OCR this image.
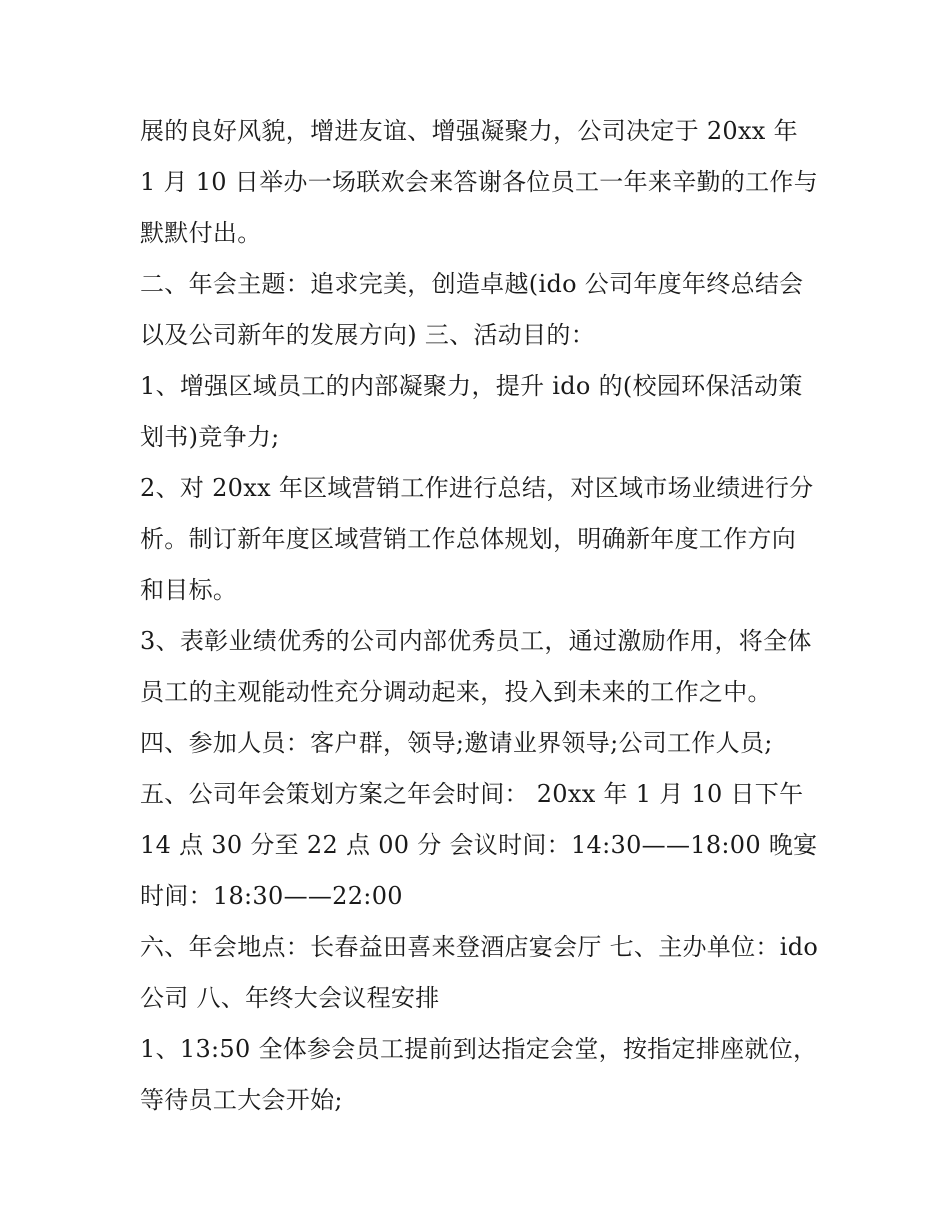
展的良好风貌，增进友谊、增强凝聚力，公司决定于 20xx 年 1 月 10 日举办一场联欢会来答谢各位员工一年来辛勤的工作与默默付出。

二、年会主题：追求完美，创造卓越(ido 公司年度年终总结会以及公司新年的发展方向) 三、活动目的：

1、增强区域员工的内部凝聚力，提升 ido 的(校园环保活动策划书)竞争力;

2、对 20xx 年区域营销工作进行总结，对区域市场业绩进行分析。制订新年度区域营销工作总体规划，明确新年度工作方向和目标。

3、表彰业绩优秀的公司内部优秀员工，通过激励作用，将全体员工的主观能动性充分调动起来，投入到未来的工作之中。

四、参加人员：客户群，领导;邀请业界领导;公司工作人员;

五、公司年会策划方案之年会时间： 20xx 年 1 月 10 日下午 14 点 30 分至 22 点 00 分 会议时间：14:30——18:00 晚宴时间：18:30——22:00

六、年会地点：长春益田喜来登酒店宴会厅 七、主办单位：ido 公司 八、年终大会议程安排

1、13:50 全体参会员工提前到达指定会堂，按指定排座就位，等待员工大会开始;
